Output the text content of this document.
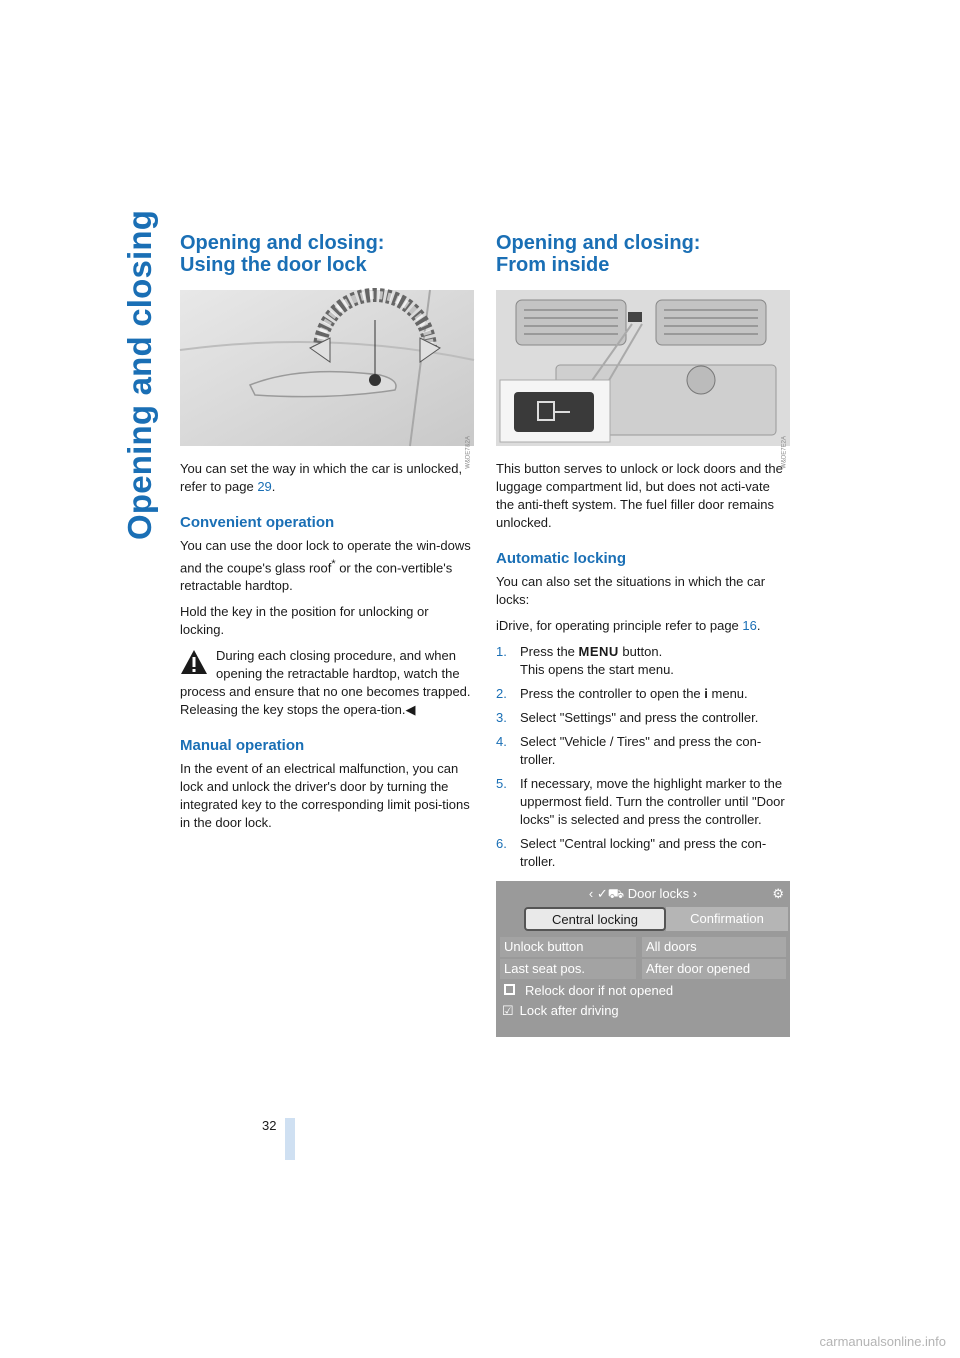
Opening and closing Opening and closing:
Using the door lock
W&DE7&2A

You can set the way in which the car is unlocked, refer to page 29.

Convenient operation

You can use the door lock to operate the win-dows and the coupe's glass roof* or the con-vertible's retractable hardtop.

Hold the key in the position for unlocking or locking.

During each closing procedure, and when opening the retractable hardtop, watch the process and ensure that no one becomes trapped. Releasing the key stops the opera-tion.◀

Manual operation

In the event of an electrical malfunction, you can lock and unlock the driver's door by turning the integrated key to the corresponding limit posi-tions in the door lock.

Opening and closing:
From inside
W&DE7E2A

This button serves to unlock or lock doors and the luggage compartment lid, but does not acti-vate the anti-theft system. The fuel filler door remains unlocked.

Automatic locking

You can also set the situations in which the car locks:

iDrive, for operating principle refer to page 16.

1. Press the MENU button.
This opens the start menu.
2. Press the controller to open the i menu.
3. Select "Settings" and press the controller.
4. Select "Vehicle / Tires" and press the con-troller.
5. If necessary, move the highlight marker to the uppermost field. Turn the controller until "Door locks" is selected and press the controller.
6. Select "Central locking" and press the con-troller.
‹ ✓⛟ Door locks ›	⚙
Central locking	Confirmation
Unlock button	All doors
Last seat pos.	After door opened
Relock door if not opened
☑ Lock after driving
32
carmanualsonline.info
